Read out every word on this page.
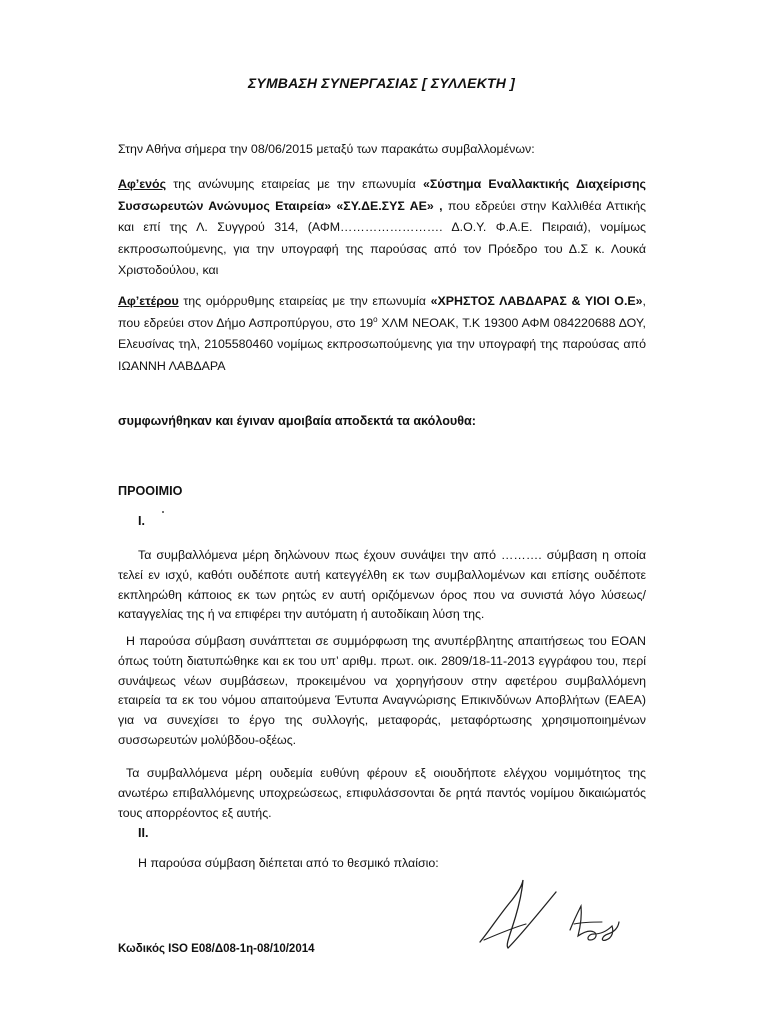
ΣΥΜΒΑΣΗ ΣΥΝΕΡΓΑΣΙΑΣ [ ΣΥΛΛΕΚΤΗ ]
Στην Αθήνα σήμερα την 08/06/2015 μεταξύ των παρακάτω συμβαλλομένων:
Αφ’ενός της ανώνυμης εταιρείας με την επωνυμία «Σύστημα Εναλλακτικής Διαχείρισης Συσσωρευτών Ανώνυμος Εταιρεία» «ΣΥ.ΔΕ.ΣΥΣ ΑΕ» , που εδρεύει στην Καλλιθέα Αττικής και επί της Λ. Συγγρού 314, (ΑΦΜ……………………. Δ.Ο.Υ. Φ.Α.Ε. Πειραιά), νομίμως εκπροσωπούμενης, για την υπογραφή της παρούσας από τον Πρόεδρο του Δ.Σ κ. Λουκά Χριστοδούλου, και
Αφ’ετέρου της ομόρρυθμης εταιρείας με την επωνυμία «ΧΡΗΣΤΟΣ ΛΑΒΔΑΡΑΣ & ΥΙΟΙ Ο.Ε», που εδρεύει στον Δήμο Ασπροπύργου, στο $19^o$ ΧΛΜ ΝΕΟΑΚ, Τ.Κ 19300 ΑΦΜ 084220688 ΔΟΥ, Ελευσίνας τηλ, 2105580460 νομίμως εκπροσωπούμενης για την υπογραφή της παρούσας από ΙΩΑΝΝΗ ΛΑΒΔΑΡΑ
συμφωνήθηκαν και έγιναν αμοιβαία αποδεκτά τα ακόλουθα:
ΠΡΟΟΙΜΙΟ
I.
Τα συμβαλλόμενα μέρη δηλώνουν πως έχουν συνάψει την από ………. σύμβαση η οποία τελεί εν ισχύ, καθότι ουδέποτε αυτή κατεγγέλθη εκ των συμβαλλομένων και επίσης ουδέποτε εκπληρώθη κάποιος εκ των ρητώς εν αυτή οριζόμενων όρος που να συνιστά λόγο λύσεως/καταγγελίας της ή να επιφέρει την αυτόματη ή αυτοδίκαιη λύση της.
Η παρούσα σύμβαση συνάπτεται σε συμμόρφωση της ανυπέρβλητης απαιτήσεως του ΕΟΑΝ όπως τούτη διατυπώθηκε και εκ του υπ’ αριθμ. πρωτ. οικ. 2809/18-11-2013 εγγράφου του, περί συνάψεως νέων συμβάσεων, προκειμένου να χορηγήσουν στην αφετέρου συμβαλλόμενη εταιρεία τα εκ του νόμου απαιτούμενα Έντυπα Αναγνώρισης Επικινδύνων Αποβλήτων (ΕΑΕΑ) για να συνεχίσει το έργο της συλλογής, μεταφοράς, μεταφόρτωσης χρησιμοποιημένων συσσωρευτών μολύβδου-οξέως.
Τα συμβαλλόμενα μέρη ουδεμία ευθύνη φέρουν εξ οιουδήποτε ελέγχου νομιμότητος της ανωτέρω επιβαλλόμενης υποχρεώσεως, επιφυλάσσονται δε ρητά παντός νομίμου δικαιώματός τους απορρέοντος εξ αυτής.
II.
Η παρούσα σύμβαση διέπεται από το θεσμικό πλαίσιο:
Κωδικός ISO E08/Δ08-1η-08/10/2014
